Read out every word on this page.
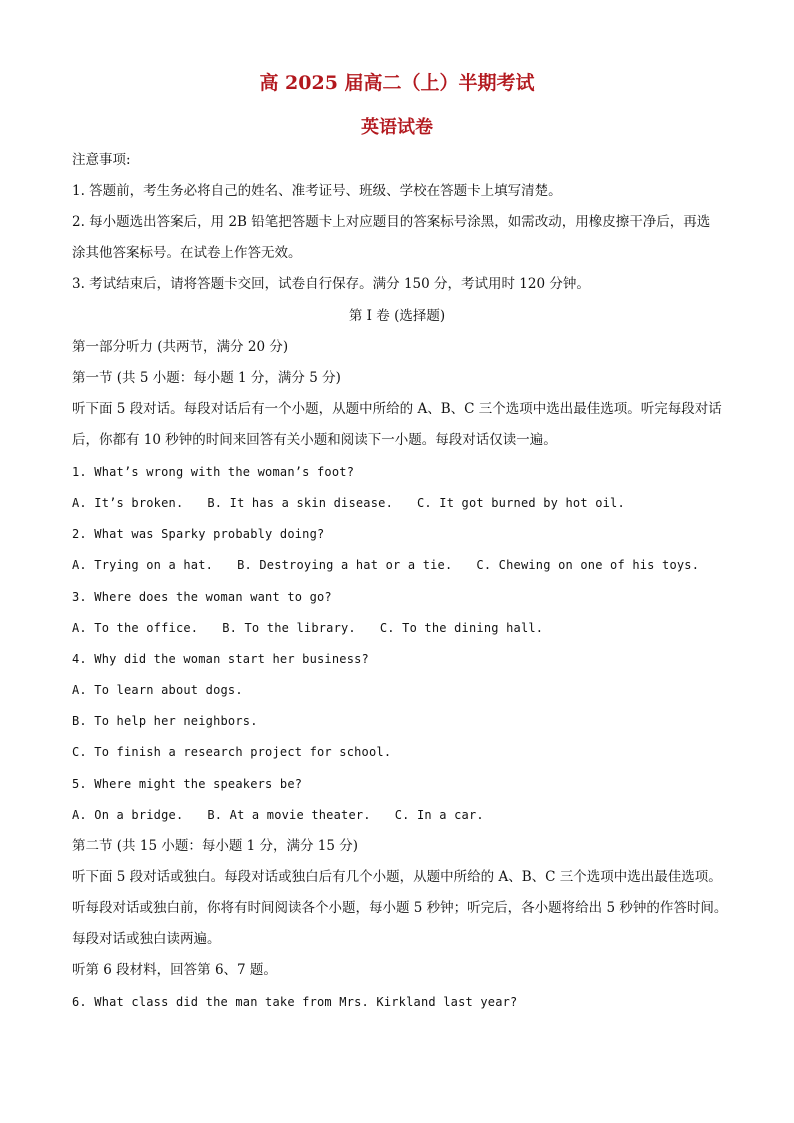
高 2025 届高二（上）半期考试
英语试卷
注意事项:
1. 答题前，考生务必将自己的姓名、准考证号、班级、学校在答题卡上填写清楚。
2. 每小题选出答案后，用 2B 铅笔把答题卡上对应题目的答案标号涂黑，如需改动，用橡皮擦干净后，再选
涂其他答案标号。在试卷上作答无效。
3. 考试结束后，请将答题卡交回，试卷自行保存。满分 150 分，考试用时 120 分钟。
第 I 卷 (选择题)
第一部分听力 (共两节，满分 20 分)
第一节 (共 5 小题：每小题 1 分，满分 5 分)
听下面 5 段对话。每段对话后有一个小题，从题中所给的 A、B、C 三个选项中选出最佳选项。听完每段对话
后，你都有 10 秒钟的时间来回答有关小题和阅读下一小题。每段对话仅读一遍。
1. What’s wrong with the woman’s foot?
A. It’s broken. B. It has a skin disease. C. It got burned by hot oil.
2. What was Sparky probably doing?
A. Trying on a hat. B. Destroying a hat or a tie. C. Chewing on one of his toys.
3. Where does the woman want to go?
A. To the office. B. To the library. C. To the dining hall.
4. Why did the woman start her business?
A. To learn about dogs.
B. To help her neighbors.
C. To finish a research project for school.
5. Where might the speakers be?
A. On a bridge. B. At a movie theater. C. In a car.
第二节 (共 15 小题：每小题 1 分，满分 15 分)
听下面 5 段对话或独白。每段对话或独白后有几个小题，从题中所给的 A、B、C 三个选项中选出最佳选项。
听每段对话或独白前，你将有时间阅读各个小题，每小题 5 秒钟；听完后，各小题将给出 5 秒钟的作答时间。
每段对话或独白读两遍。
听第 6 段材料，回答第 6、7 题。
6. What class did the man take from Mrs. Kirkland last year?
